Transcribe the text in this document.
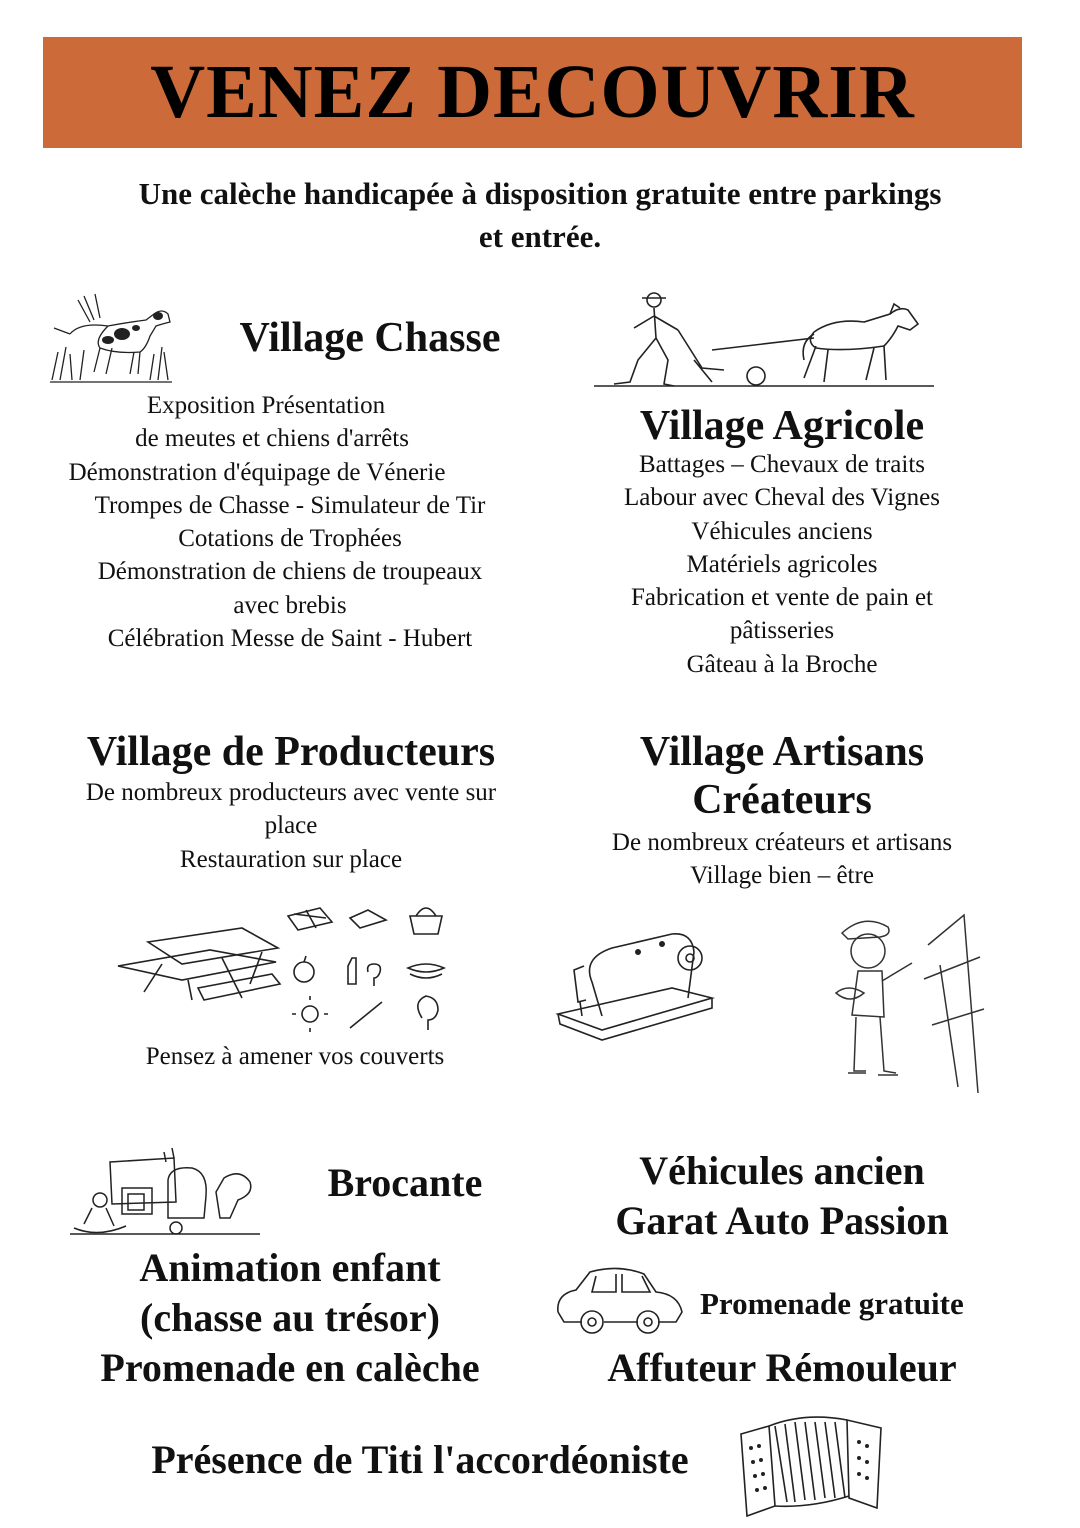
VENEZ DECOUVRIR
Une calèche handicapée à disposition gratuite entre parkings
et entrée.
Village Chasse
Exposition Présentation
de meutes et chiens d'arrêts
Démonstration d'équipage de Vénerie
Trompes de Chasse - Simulateur de Tir
Cotations de Trophées
Démonstration de chiens de troupeaux
avec brebis
Célébration Messe de Saint - Hubert
Village Agricole
Battages – Chevaux de traits
Labour avec Cheval des Vignes
Véhicules anciens
Matériels agricoles
Fabrication et vente de pain et
pâtisseries
Gâteau à la Broche
Village de Producteurs
De nombreux producteurs avec vente sur
place
Restauration sur place
Pensez à amener vos couverts
Village Artisans
Créateurs
De nombreux créateurs et artisans
Village bien – être
Brocante
Animation enfant
(chasse au trésor)
Promenade en calèche
Véhicules ancien
Garat Auto Passion
Promenade gratuite
Affuteur Rémouleur
Présence de Titi l'accordéoniste
